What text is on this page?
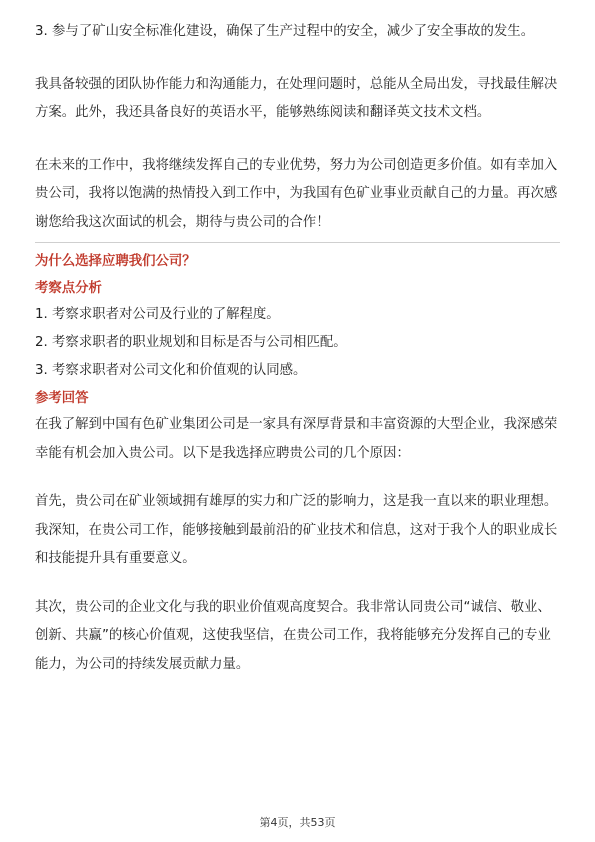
3. 参与了矿山安全标准化建设，确保了生产过程中的安全，减少了安全事故的发生。

我具备较强的团队协作能力和沟通能力，在处理问题时，总能从全局出发，寻找最佳解决方案。此外，我还具备良好的英语水平，能够熟练阅读和翻译英文技术文档。

在未来的工作中，我将继续发挥自己的专业优势，努力为公司创造更多价值。如有幸加入贵公司，我将以饱满的热情投入到工作中，为我国有色矿业事业贡献自己的力量。再次感谢您给我这次面试的机会，期待与贵公司的合作！

为什么选择应聘我们公司？

考察点分析

1. 考察求职者对公司及行业的了解程度。

2. 考察求职者的职业规划和目标是否与公司相匹配。

3. 考察求职者对公司文化和价值观的认同感。

参考回答

在我了解到中国有色矿业集团公司是一家具有深厚背景和丰富资源的大型企业，我深感荣幸能有机会加入贵公司。以下是我选择应聘贵公司的几个原因：

首先，贵公司在矿业领域拥有雄厚的实力和广泛的影响力，这是我一直以来的职业理想。我深知，在贵公司工作，能够接触到最前沿的矿业技术和信息，这对于我个人的职业成长和技能提升具有重要意义。

其次，贵公司的企业文化与我的职业价值观高度契合。我非常认同贵公司“诚信、敬业、创新、共赢”的核心价值观，这使我坚信，在贵公司工作，我将能够充分发挥自己的专业能力，为公司的持续发展贡献力量。

第4页，共53页
